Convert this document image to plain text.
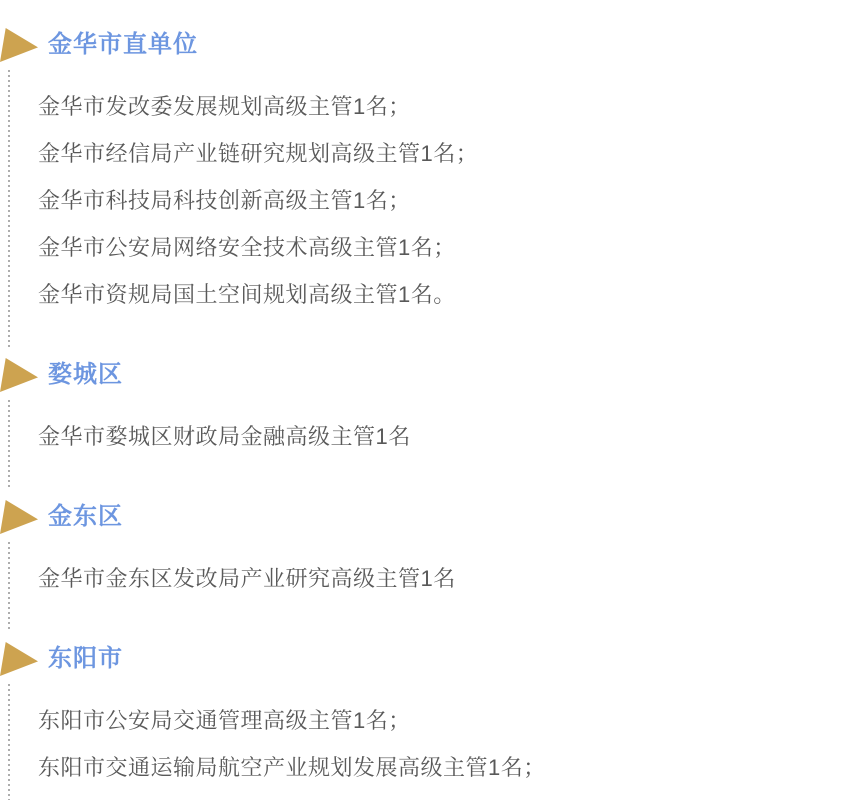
金华市直单位

金华市发改委发展规划高级主管1名；

金华市经信局产业链研究规划高级主管1名；

金华市科技局科技创新高级主管1名；

金华市公安局网络安全技术高级主管1名；

金华市资规局国土空间规划高级主管1名。

婺城区

金华市婺城区财政局金融高级主管1名

金东区

金华市金东区发改局产业研究高级主管1名

东阳市

东阳市公安局交通管理高级主管1名；

东阳市交通运输局航空产业规划发展高级主管1名；
